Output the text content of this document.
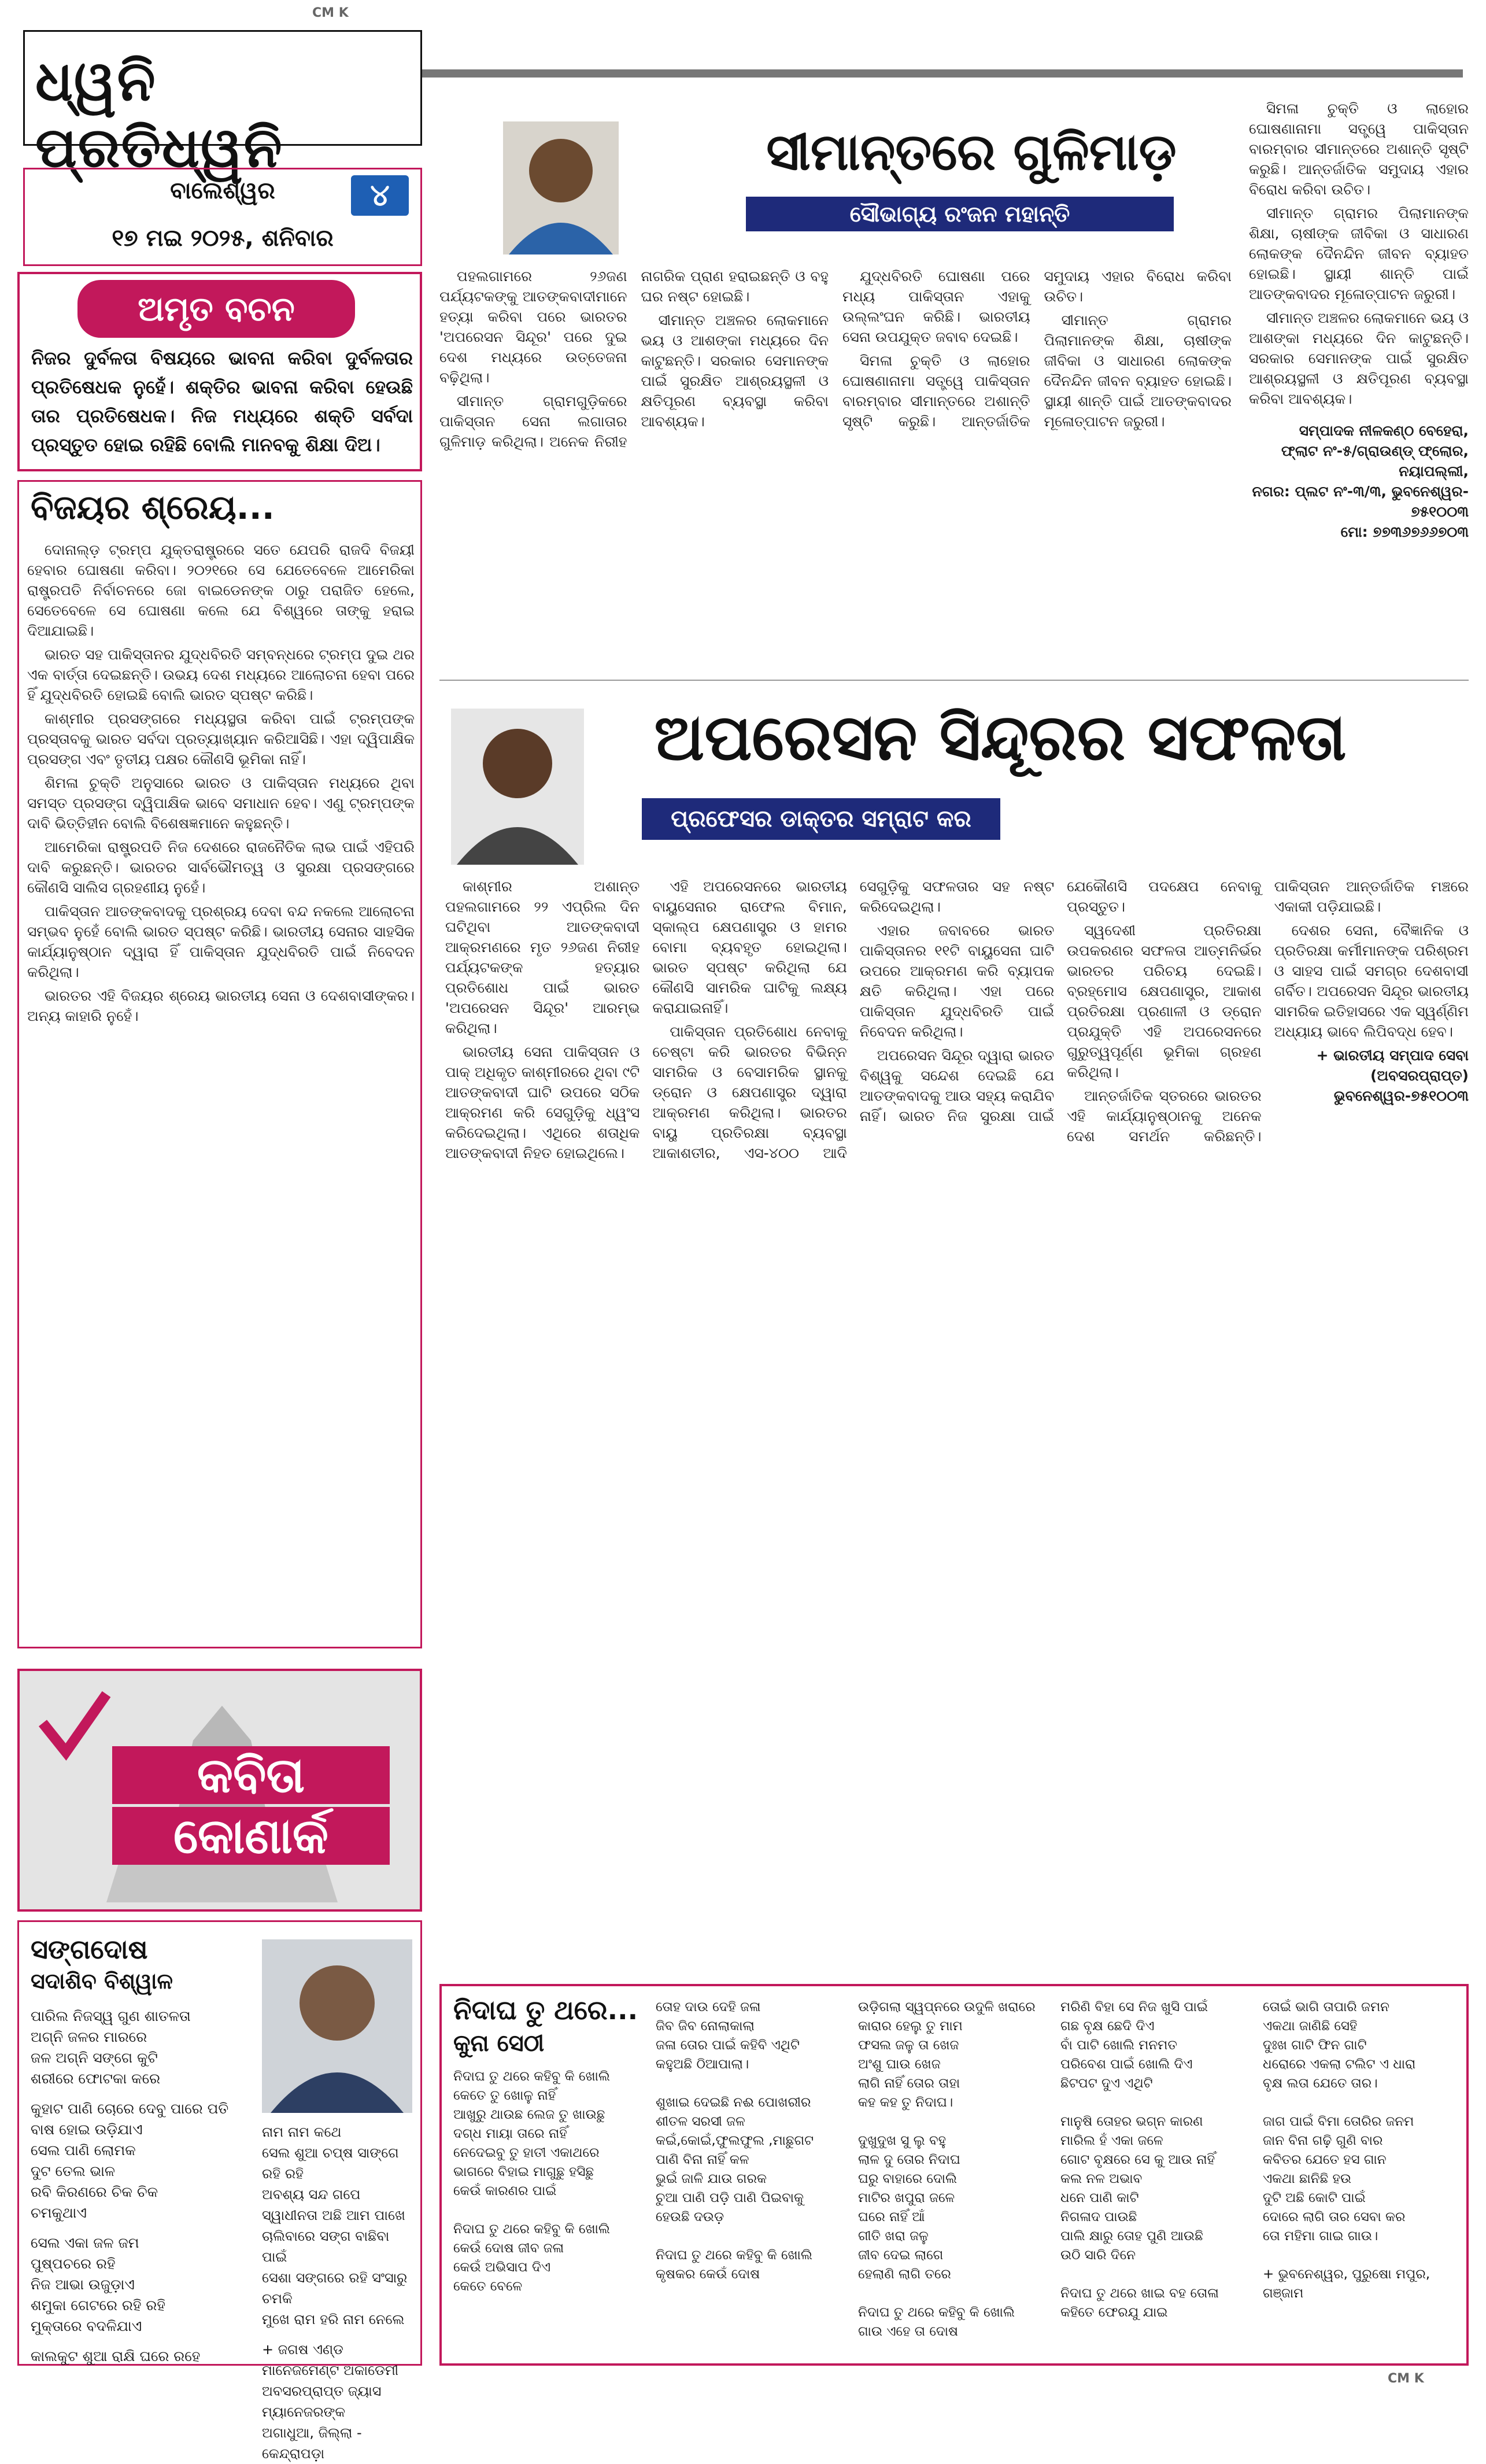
ଧ୍ୱନି ପ୍ରତିଧ୍ୱନି
CM K
CM K
ବାଲେଶ୍ୱର	୪
୧୭ ମଇ ୨୦୨୫, ଶନିବାର
ଅମୃତ ବଚନ
ନିଜର ଦୁର୍ବଳତା ବିଷୟରେ ଭାବନା କରିବା ଦୁର୍ବଳତାର ପ୍ରତିଷେଧକ ନୁହେଁ। ଶକ୍ତିର ଭାବନା କରିବା ହେଉଛି ତାର ପ୍ରତିଷେଧକ। ନିଜ ମଧ୍ୟରେ ଶକ୍ତି ସର୍ବଦା ପ୍ରସ୍ତୁତ ହୋଇ ରହିଛି ବୋଲି ମାନବକୁ ଶିକ୍ଷା ଦିଅ।
ବିଜୟର ଶ୍ରେୟ...

ଦୋନାଲ୍ଡ଼ ଟ୍ରମ୍ପ ଯୁକ୍ତରାଷ୍ଟ୍ରରେ ସତେ ଯେପରି ରାଜଦି ବିଜୟୀ ହେବାର ଘୋଷଣା କରିବା। ୨୦୨୧ରେ ସେ ଯେତେବେଳେ ଆମେରିକା ରାଷ୍ଟ୍ରପତି ନିର୍ବାଚନରେ ଜୋ ବାଇଡେନଙ୍କ ଠାରୁ ପରାଜିତ ହେଲେ, ସେତେବେଳେ ସେ ଘୋଷଣା କଲେ ଯେ ବିଶ୍ୱରେ ତାଙ୍କୁ ହରାଇ ଦିଆଯାଇଛି।

ଭାରତ ସହ ପାକିସ୍ତାନର ଯୁଦ୍ଧବିରତି ସମ୍ବନ୍ଧରେ ଟ୍ରମ୍ପ ଦୁଇ ଥର ଏକ ବାର୍ତ୍ତା ଦେଇଛନ୍ତି। ଉଭୟ ଦେଶ ମଧ୍ୟରେ ଆଲୋଚନା ହେବା ପରେ ହିଁ ଯୁଦ୍ଧବିରତି ହୋଇଛି ବୋଲି ଭାରତ ସ୍ପଷ୍ଟ କରିଛି।

କାଶ୍ମୀର ପ୍ରସଙ୍ଗରେ ମଧ୍ୟସ୍ଥତା କରିବା ପାଇଁ ଟ୍ରମ୍ପଙ୍କ ପ୍ରସ୍ତାବକୁ ଭାରତ ସର୍ବଦା ପ୍ରତ୍ୟାଖ୍ୟାନ କରିଆସିଛି। ଏହା ଦ୍ୱିପାକ୍ଷିକ ପ୍ରସଙ୍ଗ ଏବଂ ତୃତୀୟ ପକ୍ଷର କୌଣସି ଭୂମିକା ନାହିଁ।

ଶିମଳା ଚୁକ୍ତି ଅନୁସାରେ ଭାରତ ଓ ପାକିସ୍ତାନ ମଧ୍ୟରେ ଥିବା ସମସ୍ତ ପ୍ରସଙ୍ଗ ଦ୍ୱିପାକ୍ଷିକ ଭାବେ ସମାଧାନ ହେବ। ଏଣୁ ଟ୍ରମ୍ପଙ୍କ ଦାବି ଭିତ୍ତିହୀନ ବୋଲି ବିଶେଷଜ୍ଞମାନେ କହୁଛନ୍ତି।

ଆମେରିକା ରାଷ୍ଟ୍ରପତି ନିଜ ଦେଶରେ ରାଜନୈତିକ ଲାଭ ପାଇଁ ଏହିପରି ଦାବି କରୁଛନ୍ତି। ଭାରତର ସାର୍ବଭୌମତ୍ୱ ଓ ସୁରକ୍ଷା ପ୍ରସଙ୍ଗରେ କୌଣସି ସାଲିସ ଗ୍ରହଣୀୟ ନୁହେଁ।

ପାକିସ୍ତାନ ଆତଙ୍କବାଦକୁ ପ୍ରଶ୍ରୟ ଦେବା ବନ୍ଦ ନକଲେ ଆଲୋଚନା ସମ୍ଭବ ନୁହେଁ ବୋଲି ଭାରତ ସ୍ପଷ୍ଟ କରିଛି। ଭାରତୀୟ ସେନାର ସାହସିକ କାର୍ଯ୍ୟାନୁଷ୍ଠାନ ଦ୍ୱାରା ହିଁ ପାକିସ୍ତାନ ଯୁଦ୍ଧବିରତି ପାଇଁ ନିବେଦନ କରିଥିଲା।

ଭାରତର ଏହି ବିଜୟର ଶ୍ରେୟ ଭାରତୀୟ ସେନା ଓ ଦେଶବାସୀଙ୍କର। ଅନ୍ୟ କାହାରି ନୁହେଁ।

ସୀମାନ୍ତରେ ଗୁଳିମାଡ଼
ସୌଭାଗ୍ୟ ରଂଜନ ମହାନ୍ତି

ପହଲଗାମରେ ୨୬ଜଣ ପର୍ଯ୍ୟଟକଙ୍କୁ ଆତଙ୍କବାଦୀମାନେ ହତ୍ୟା କରିବା ପରେ ଭାରତର 'ଅପରେସନ ସିନ୍ଦୂର' ପରେ ଦୁଇ ଦେଶ ମଧ୍ୟରେ ଉତ୍ତେଜନା ବଢ଼ିଥିଲା।

ସୀମାନ୍ତ ଗ୍ରାମଗୁଡ଼ିକରେ ପାକିସ୍ତାନ ସେନା ଲଗାତାର ଗୁଳିମାଡ଼ କରିଥିଲା। ଅନେକ ନିରୀହ ନାଗରିକ ପ୍ରାଣ ହରାଇଛନ୍ତି ଓ ବହୁ ଘର ନଷ୍ଟ ହୋଇଛି।

ସୀମାନ୍ତ ଅଞ୍ଚଳର ଲୋକମାନେ ଭୟ ଓ ଆଶଙ୍କା ମଧ୍ୟରେ ଦିନ କାଟୁଛନ୍ତି। ସରକାର ସେମାନଙ୍କ ପାଇଁ ସୁରକ୍ଷିତ ଆଶ୍ରୟସ୍ଥଳୀ ଓ କ୍ଷତିପୂରଣ ବ୍ୟବସ୍ଥା କରିବା ଆବଶ୍ୟକ।

ଯୁଦ୍ଧବିରତି ଘୋଷଣା ପରେ ମଧ୍ୟ ପାକିସ୍ତାନ ଏହାକୁ ଉଲ୍ଲଂଘନ କରିଛି। ଭାରତୀୟ ସେନା ଉପଯୁକ୍ତ ଜବାବ ଦେଇଛି।

ସିମଳା ଚୁକ୍ତି ଓ ଲାହୋର ଘୋଷଣାନାମା ସତ୍ତ୍ୱେ ପାକିସ୍ତାନ ବାରମ୍ବାର ସୀମାନ୍ତରେ ଅଶାନ୍ତି ସୃଷ୍ଟି କରୁଛି। ଆନ୍ତର୍ଜାତିକ ସମୁଦାୟ ଏହାର ବିରୋଧ କରିବା ଉଚିତ।

ସୀମାନ୍ତ ଗ୍ରାମର ପିଲାମାନଙ୍କ ଶିକ୍ଷା, ଚାଷୀଙ୍କ ଜୀବିକା ଓ ସାଧାରଣ ଲୋକଙ୍କ ଦୈନନ୍ଦିନ ଜୀବନ ବ୍ୟାହତ ହୋଇଛି। ସ୍ଥାୟୀ ଶାନ୍ତି ପାଇଁ ଆତଙ୍କବାଦର ମୂଳୋତ୍ପାଟନ ଜରୁରୀ।

ସିମଳା ଚୁକ୍ତି ଓ ଲାହୋର ଘୋଷଣାନାମା ସତ୍ତ୍ୱେ ପାକିସ୍ତାନ ବାରମ୍ବାର ସୀମାନ୍ତରେ ଅଶାନ୍ତି ସୃଷ୍ଟି କରୁଛି। ଆନ୍ତର୍ଜାତିକ ସମୁଦାୟ ଏହାର ବିରୋଧ କରିବା ଉଚିତ।

ସୀମାନ୍ତ ଗ୍ରାମର ପିଲାମାନଙ୍କ ଶିକ୍ଷା, ଚାଷୀଙ୍କ ଜୀବିକା ଓ ସାଧାରଣ ଲୋକଙ୍କ ଦୈନନ୍ଦିନ ଜୀବନ ବ୍ୟାହତ ହୋଇଛି। ସ୍ଥାୟୀ ଶାନ୍ତି ପାଇଁ ଆତଙ୍କବାଦର ମୂଳୋତ୍ପାଟନ ଜରୁରୀ।

ସୀମାନ୍ତ ଅଞ୍ଚଳର ଲୋକମାନେ ଭୟ ଓ ଆଶଙ୍କା ମଧ୍ୟରେ ଦିନ କାଟୁଛନ୍ତି। ସରକାର ସେମାନଙ୍କ ପାଇଁ ସୁରକ୍ଷିତ ଆଶ୍ରୟସ୍ଥଳୀ ଓ କ୍ଷତିପୂରଣ ବ୍ୟବସ୍ଥା କରିବା ଆବଶ୍ୟକ।

ସମ୍ପାଦକ ନୀଳକଣ୍ଠ ବେହେରା,
ଫ୍ଲାଟ ନଂ-୫/ଗ୍ରାଉଣ୍ଡ୍ ଫ୍ଲୋର, ନୟାପଲ୍ଲୀ,
ନଗର: ପ୍ଲଟ ନଂ-୩/୩, ଭୁବନେଶ୍ୱର-
୭୫୧୦୦୩
ମୋ: ୭୭୩୬୭୬୬୭୦୩
ଅପରେସନ ସିନ୍ଦୂରର ସଫଳତା
ପ୍ରଫେସର ଡାକ୍ତର ସମ୍ରାଟ କର

କାଶ୍ମୀର ଅଶାନ୍ତ ପହଲଗାମରେ ୨୨ ଏପ୍ରିଲ ଦିନ ଘଟିଥିବା ଆତଙ୍କବାଦୀ ଆକ୍ରମଣରେ ମୃତ ୨୬ଜଣ ନିରୀହ ପର୍ଯ୍ୟଟକଙ୍କ ହତ୍ୟାର ପ୍ରତିଶୋଧ ପାଇଁ ଭାରତ 'ଅପରେସନ ସିନ୍ଦୂର' ଆରମ୍ଭ କରିଥିଲା।

ଭାରତୀୟ ସେନା ପାକିସ୍ତାନ ଓ ପାକ୍ ଅଧିକୃତ କାଶ୍ମୀରରେ ଥିବା ୯ଟି ଆତଙ୍କବାଦୀ ଘାଟି ଉପରେ ସଠିକ ଆକ୍ରମଣ କରି ସେଗୁଡ଼ିକୁ ଧ୍ୱଂସ କରିଦେଇଥିଲା। ଏଥିରେ ଶତାଧିକ ଆତଙ୍କବାଦୀ ନିହତ ହୋଇଥିଲେ।

ଏହି ଅପରେସନରେ ଭାରତୀୟ ବାୟୁସେନାର ରାଫେଲ ବିମାନ, ସ୍କାଲ୍ପ କ୍ଷେପଣାସ୍ତ୍ର ଓ ହାମର ବୋମା ବ୍ୟବହୃତ ହୋଇଥିଲା। ଭାରତ ସ୍ପଷ୍ଟ କରିଥିଲା ଯେ କୌଣସି ସାମରିକ ଘାଟିକୁ ଲକ୍ଷ୍ୟ କରାଯାଇନାହିଁ।

ପାକିସ୍ତାନ ପ୍ରତିଶୋଧ ନେବାକୁ ଚେଷ୍ଟା କରି ଭାରତର ବିଭିନ୍ନ ସାମରିକ ଓ ବେସାମରିକ ସ୍ଥାନକୁ ଡ୍ରୋନ ଓ କ୍ଷେପଣାସ୍ତ୍ର ଦ୍ୱାରା ଆକ୍ରମଣ କରିଥିଲା। ଭାରତର ବାୟୁ ପ୍ରତିରକ୍ଷା ବ୍ୟବସ୍ଥା ଆକାଶତୀର, ଏସ-୪୦୦ ଆଦି ସେଗୁଡ଼ିକୁ ସଫଳତାର ସହ ନଷ୍ଟ କରିଦେଇଥିଲା।

ଏହାର ଜବାବରେ ଭାରତ ପାକିସ୍ତାନର ୧୧ଟି ବାୟୁସେନା ଘାଟି ଉପରେ ଆକ୍ରମଣ କରି ବ୍ୟାପକ କ୍ଷତି କରିଥିଲା। ଏହା ପରେ ପାକିସ୍ତାନ ଯୁଦ୍ଧବିରତି ପାଇଁ ନିବେଦନ କରିଥିଲା।

ଅପରେସନ ସିନ୍ଦୂର ଦ୍ୱାରା ଭାରତ ବିଶ୍ୱକୁ ସନ୍ଦେଶ ଦେଇଛି ଯେ ଆତଙ୍କବାଦକୁ ଆଉ ସହ୍ୟ କରାଯିବ ନାହିଁ। ଭାରତ ନିଜ ସୁରକ୍ଷା ପାଇଁ ଯେକୌଣସି ପଦକ୍ଷେପ ନେବାକୁ ପ୍ରସ୍ତୁତ।

ସ୍ୱଦେଶୀ ପ୍ରତିରକ୍ଷା ଉପକରଣର ସଫଳତା ଆତ୍ମନିର୍ଭର ଭାରତର ପରିଚୟ ଦେଇଛି। ବ୍ରହ୍ମୋସ କ୍ଷେପଣାସ୍ତ୍ର, ଆକାଶ ପ୍ରତିରକ୍ଷା ପ୍ରଣାଳୀ ଓ ଡ୍ରୋନ ପ୍ରଯୁକ୍ତି ଏହି ଅପରେସନରେ ଗୁରୁତ୍ୱପୂର୍ଣ୍ଣ ଭୂମିକା ଗ୍ରହଣ କରିଥିଲା।

ଆନ୍ତର୍ଜାତିକ ସ୍ତରରେ ଭାରତର ଏହି କାର୍ଯ୍ୟାନୁଷ୍ଠାନକୁ ଅନେକ ଦେଶ ସମର୍ଥନ କରିଛନ୍ତି। ପାକିସ୍ତାନ ଆନ୍ତର୍ଜାତିକ ମଞ୍ଚରେ ଏକାକୀ ପଡ଼ିଯାଇଛି।

ଦେଶର ସେନା, ବୈଜ୍ଞାନିକ ଓ ପ୍ରତିରକ୍ଷା କର୍ମୀମାନଙ୍କ ପରିଶ୍ରମ ଓ ସାହସ ପାଇଁ ସମଗ୍ର ଦେଶବାସୀ ଗର୍ବିତ। ଅପରେସନ ସିନ୍ଦୂର ଭାରତୀୟ ସାମରିକ ଇତିହାସରେ ଏକ ସ୍ୱର୍ଣ୍ଣିମ ଅଧ୍ୟାୟ ଭାବେ ଲିପିବଦ୍ଧ ହେବ।

+ ଭାରତୀୟ ସମ୍ପାଦ ସେବା
(ଅବସରପ୍ରାପ୍ତ)
ଭୁବନେଶ୍ୱର-୭୫୧୦୦୩
କବିତା
କୋଣାର୍କ
ସଙ୍ଗଦୋଷ
ସଦାଶିବ ବିଶ୍ୱାଳ
ପାରିଲ ନିଜସ୍ୱ ଗୁଣ ଶାତଳତା
ଅଗ୍ନି ଜଳର ମାରରେ
ଜଳ ଅଗ୍ନି ସଙ୍ଗେ କୁଟି
ଶରୀରେ ଫୋଟକା କରେ
କୁହାଟ ପାଣି ଚୋରେ ଦେବୁ ପାରେ ପତି
ବାଷ ହୋଇ ଉଡ଼ିଯାଏ
ସେଲ ପାଣି ଲୋମକ
ଦୁଟ ତେଲ ଭାଳ
ରବି କିରଣରେ ଚିକ ଚିକ
ଚମକୁଥାଏ
ସେଲ ଏକା ଜଳ ଜମ
ପୁଷ୍ପଚରେ ରହି
ନିଜ ଆଭା ଉଜୁଡ଼ାଏ
ଶମୁକା ଗେଟରେ ରହି ରହି
ମୁକ୍ତାରେ ବଦଳିଯାଏ
କାଲକୁଟ ଶୁଆ ରାକ୍ଷି ଘରେ ରହେ
ନାମ ନାମ କଥେ
ସେଲ ଶୁଆ ଚପ୍ଷ ସାଙ୍ଗେ ରହି ରହି
ଅବଶ୍ୟ ସନ୍ଦ ଗପେ
ସ୍ୱାଧୀନତା ଅଛି ଆମ ପାଖେ
ଚାଲିବାରେ ସଙ୍ଗ ବାଛିବା ପାଇଁ
ସେଶା ସଙ୍ଗରେ ରହି ସଂସାରୁ ଚମକି
ମୁଖେ ରାମ ହରି ନାମ ନେଲେ
+ ଜଗଷ ଏଣ୍ଡ ମାନେଜମେଣ୍ଟ ଅକାଡେମୀ
ଅବସରପ୍ରାପ୍ତ ଜ୍ୟାସ ମ୍ୟାନେଜରଙ୍କ
ଅଗାଧୁଆ, ଜିଲ୍ଲା - କେନ୍ଦ୍ରାପଡ଼ା
ନିଦାଘ ତୁ ଥରେ...
କୁନା ସେଠୀ
ନିଦାଘ ତୁ ଥରେ କହିବୁ କି ଖୋଲି
କେତେ ତୁ ଖୋଳୁ ନାହିଁ
ଆଖୁରୁ ଥାଉଛ ଲେଜ ତୁ ଖାଉଛୁ
ଦଗ୍ଧ ମାୟା ତାରେ ନାହିଁ
ନେଦେଇବୁ ତୁ ହାତୀ ଏକାଥରେ
ଭାଗରେ ବିହାଇ ମାଗୁଛୁ ହସିଛୁ
କେଉଁ କାରଣର ପାଇଁ

ନିଦାଘ ତୁ ଥରେ କହିବୁ କି ଖୋଲି
କେଉଁ ଦୋଷ ଜୀବ ଜଳା
କେଉଁ ଅଭିସାପ ଦିଏ
କେତେ ବେଳେ
ତୋହ ଦାଉ ଦେହି ଜଳା
ଜିବ ଜିବ ନୋଲାକାଲା
ଜଳା ତୋର ପାଇଁ କହିବି ଏଥିଟି
କହୁଅଛି ଠିଆପାଲା।

ଶୁଖାଇ ଦେଇଛି ନଈ ପୋଖରୀର
ଶୀତଳ ସରସୀ ଜଳ
କଇଁ,କୋଇଁ,ଫୁଲଫୁଲ ,ମାଛୁଗଟ
ପାଣି ବିନା ନାହିଁ କଳ
ଭୁଇଁ ଜାଳି ଯାଉ ଗରକ
ଚୁଆ ପାଣି ପଡ଼ି ପାଣି ପିଇବାକୁ
ହେଉଛି ଦଉଡ଼

ନିଦାଘ ତୁ ଥରେ କହିବୁ କି ଖୋଲି
କୃଷକର କେଉଁ ଦୋଷ
ଉଡ଼ିଗଲା ସ୍ୱପ୍ନରେ ଉଦୁଳି ଖରାରେ
କାରାର ହେଲୁ ତୁ ମାମ
ଫସଲ ଜଳୁ ତା ଖେଜ
ଅଂଶୁ ଘାଉ ଖେଜ
ଲାଗି ନାହିଁ ତୋର ତାହା
କହ କହ ତୁ ନିଦାଘ।

ଦୁଖୁଦୁଖ ସୁ ଲୁ ବହୁ
ଲାଳ ଦୁ ତୋର ନିଦାଘ
ଘରୁ ବାହାରେ ଦୋଲି
ମାଟିର ଖପୁରା ଜଳେ
ଘରେ ନାହିଁ ଆଁ
ଗୀତି ଖରା ଜଳୁ
ଜୀବ ଦେଇ ଲାଗେ
ହେଲାଣି ଲାଗି ତରେ

ନିଦାଘ ତୁ ଥରେ କହିବୁ କି ଖୋଲି
ଗାଉ ଏହେ ତା ଦୋଷ
ମରିଣି ବିହା ସେ ନିଜ ଖୁସି ପାଇଁ
ଗଛ ବୃକ୍ଷ ଛେଦି ଦିଏ
ବାଁ ପାଟି ଖୋଲି ମନମତ
ପରିବେଶ ପାଇଁ ଖୋଲି ଦିଏ
ଛିଟପଟ ଦୁଏ ଏଥିଟି

ମାନୁଷି ତୋହର ଭଗ୍ନ କାରଣ
ମାରିଲ ହଁ ଏକା ଜଳେ
ଗୋଟ ବୃକ୍ଷରେ ସେ କୁ ଆଉ ନାହିଁ
କଲ ନଳ ଅଭାବ
ଧନେ ପାଣି କାଟି
ନିଗଳାଦ ପାଉଛି
ପାଲି କ୍ଷାରୁ ତୋହ ପୁଣି ଆଉଛି
ଉଠି ସାରି ଦିନେ

ନିଦାଘ ତୁ ଥରେ ଖାଇ ବହ ତୋଳା
କହିତେ ଫେରଯୁ ଯାଇ
ତୋଇଁ ଭାଗି ତାପାରି ଜମନ
ଏକଥା ଜାଣିଛି ସେହି
ଦୁଃଖ ଗାଟି ଫିନ ଗାଟି
ଧରୋରେ ଏକଲା ଟଲିଟ ଏ ଧାରା
ବୃକ୍ଷ ଲତା ଯେତେ ତାର।

ଜାଗ ପାଇଁ ବିମା ତୋରିର ଜନମ
ଜାନ ବିନା ଗଢ଼ି ଗୁଣି ବାର
କବିତର ଯେତେ ହସ ଗାନ
ଏକଥା ଛାନିଛି ହଉ
ଦୁଟି ଅଛି କୋଟି ପାଇଁ
ଦୋରେ ଲାଗି ତାର ସେବା କର
ତୋ ମହିମା ଗାଇ ଗାଉ।

+ ଭୁବନେଶ୍ୱର, ପୁରୁଷୋ ମପୁର, ଗଞ୍ଜାମ
